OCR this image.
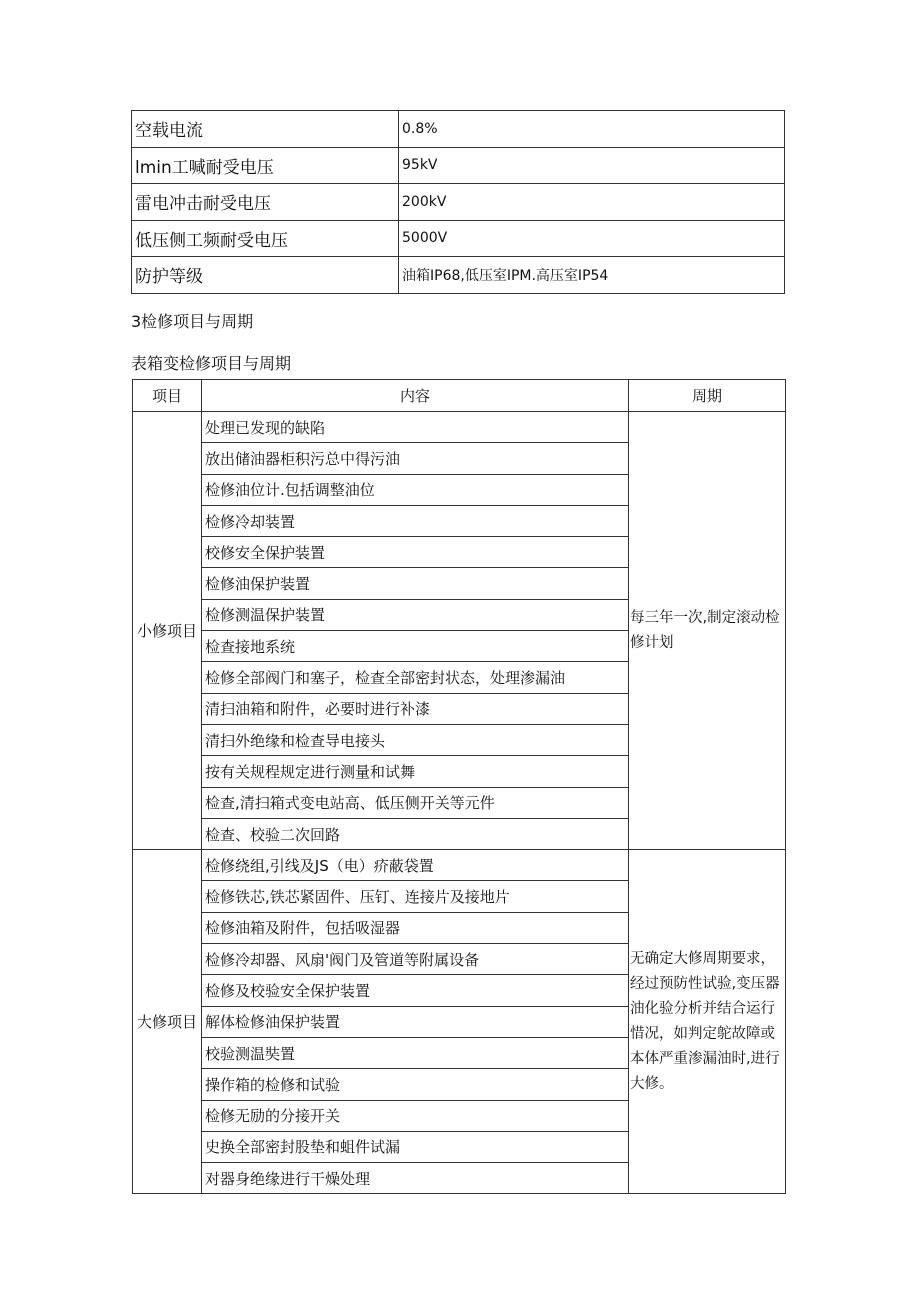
空载电流	0.8%
lmin工喊耐受电压	95kV
雷电冲击耐受电压	200kV
低压侧工频耐受电压	5000V
防护等级	油箱IP68,低压室IPM.高压室IP54
3检修项目与周期
表箱变检修项目与周期
项目	内容	周期
小修项目	处理已发现的缺陷	每三年一次,制定滚动检修计划
	放出储油器柜积污总中得污油	
	检修油位计.包括调整油位	
	检修冷却装置	
	校修安全保护装置	
	检修油保护装置	
	检修测温保护装置	
	检查接地系统	
	检修全部阀门和塞子，检查全部密封状态，处理渗漏油	
	清扫油箱和附件，必要时进行补漆	
	清扫外绝缘和检查导电接头	
	按有关规程规定进行测量和试舞	
	检查,清扫箱式变电站高、低压侧开关等元件	
	检查、校验二次回路	
大修项目	检修绕组,引线及JS（电）疥蔽袋置	无确定大修周期要求，经过预防性试验,变压器油化验分析并结合运行惜况，如判定鸵故障或本体严重渗漏油时,进行大修。
	检修铁芯,铁芯紧固件、压钉、连接片及接地片	
	检修油箱及附件，包括吸湿器	
	检修冷却器、风扇'阀门及管道等附属设备	
	检修及校验安全保护装置	
	解体检修油保护装置	
	校验测温奘置	
	操作箱的检修和试验	
	检修无励的分接开关	
	史换全部密封股垫和蛆件试漏	
	对器身绝缘进行干燥处理	
